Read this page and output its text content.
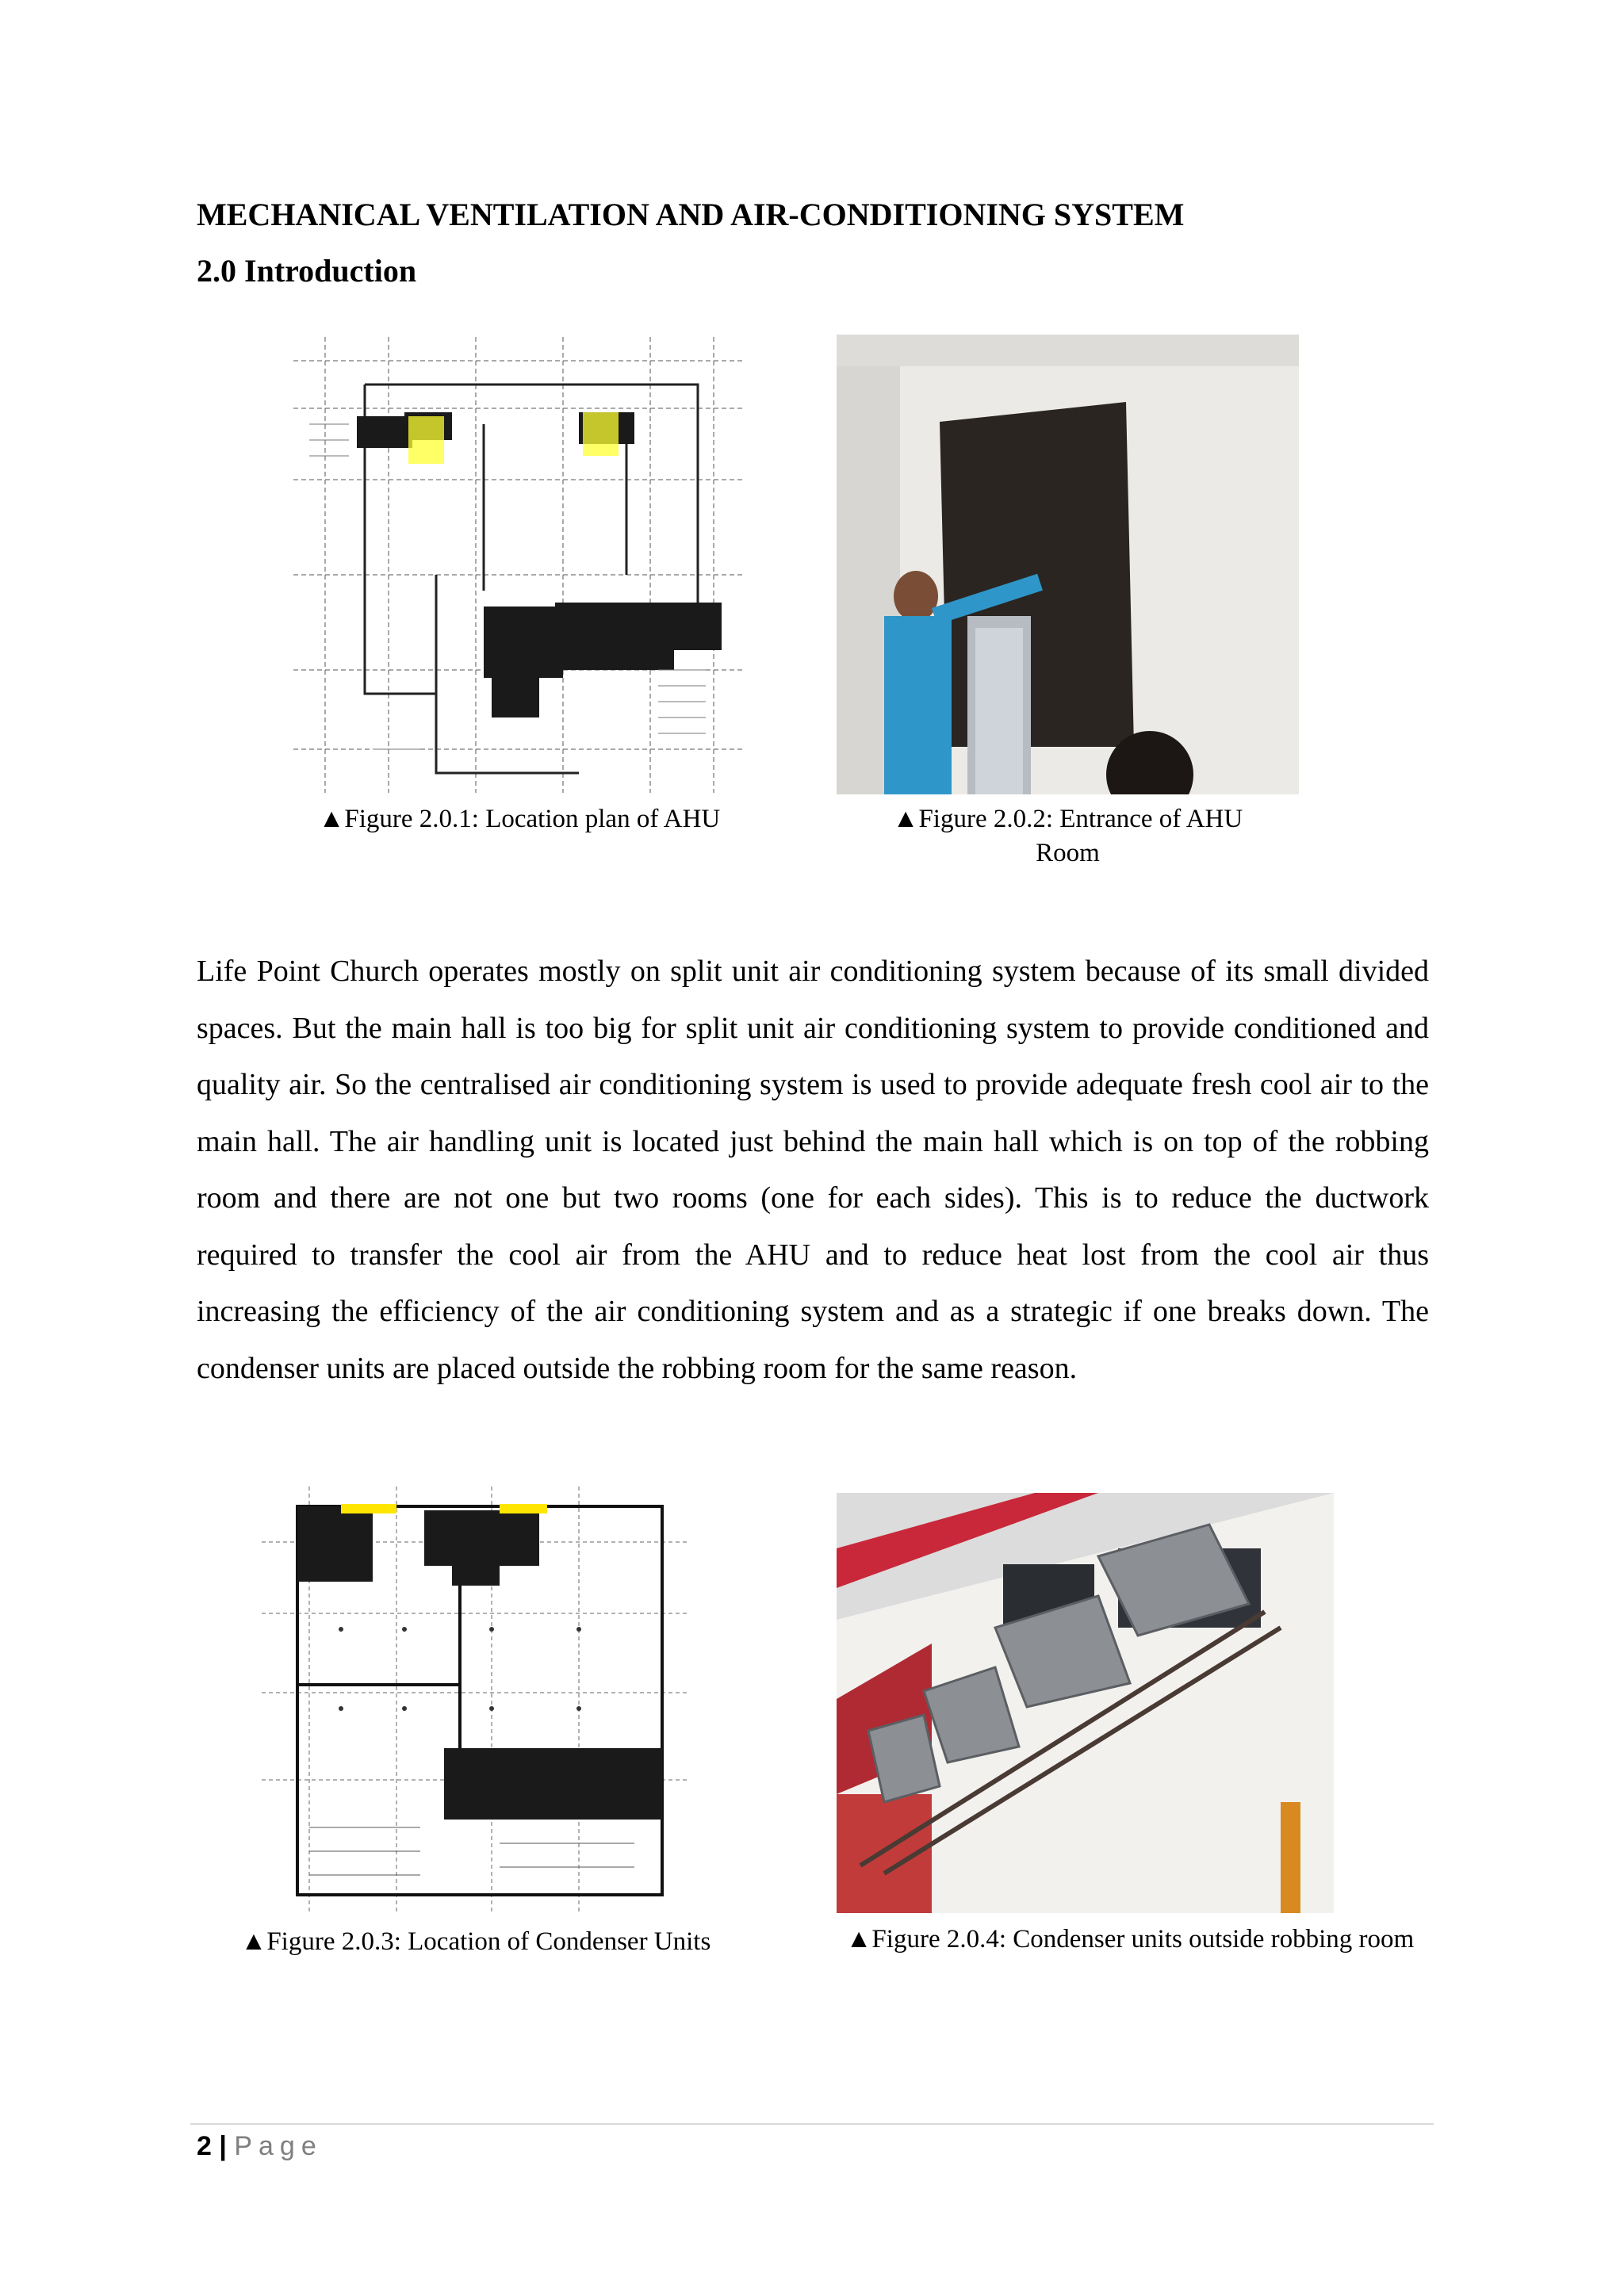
MECHANICAL VENTILATION AND AIR-CONDITIONING SYSTEM
2.0 Introduction
▲Figure 2.0.1: Location plan of AHU	▲Figure 2.0.2: Entrance of AHU
Room

Life Point Church operates mostly on split unit air conditioning system because of its small divided spaces. But the main hall is too big for split unit air conditioning system to provide conditioned and quality air. So the centralised air conditioning system is used to provide adequate fresh cool air to the main hall. The air handling unit is located just behind the main hall which is on top of the robbing room and there are not one but two rooms (one for each sides). This is to reduce the ductwork required to transfer the cool air from the AHU and to reduce heat lost from the cool air thus increasing the efficiency of the air conditioning system and as a strategic if one breaks down. The condenser units are placed outside the robbing room for the same reason.

▲Figure 2.0.3: Location of Condenser Units	▲Figure 2.0.4: Condenser units outside robbing room
2 | Page
